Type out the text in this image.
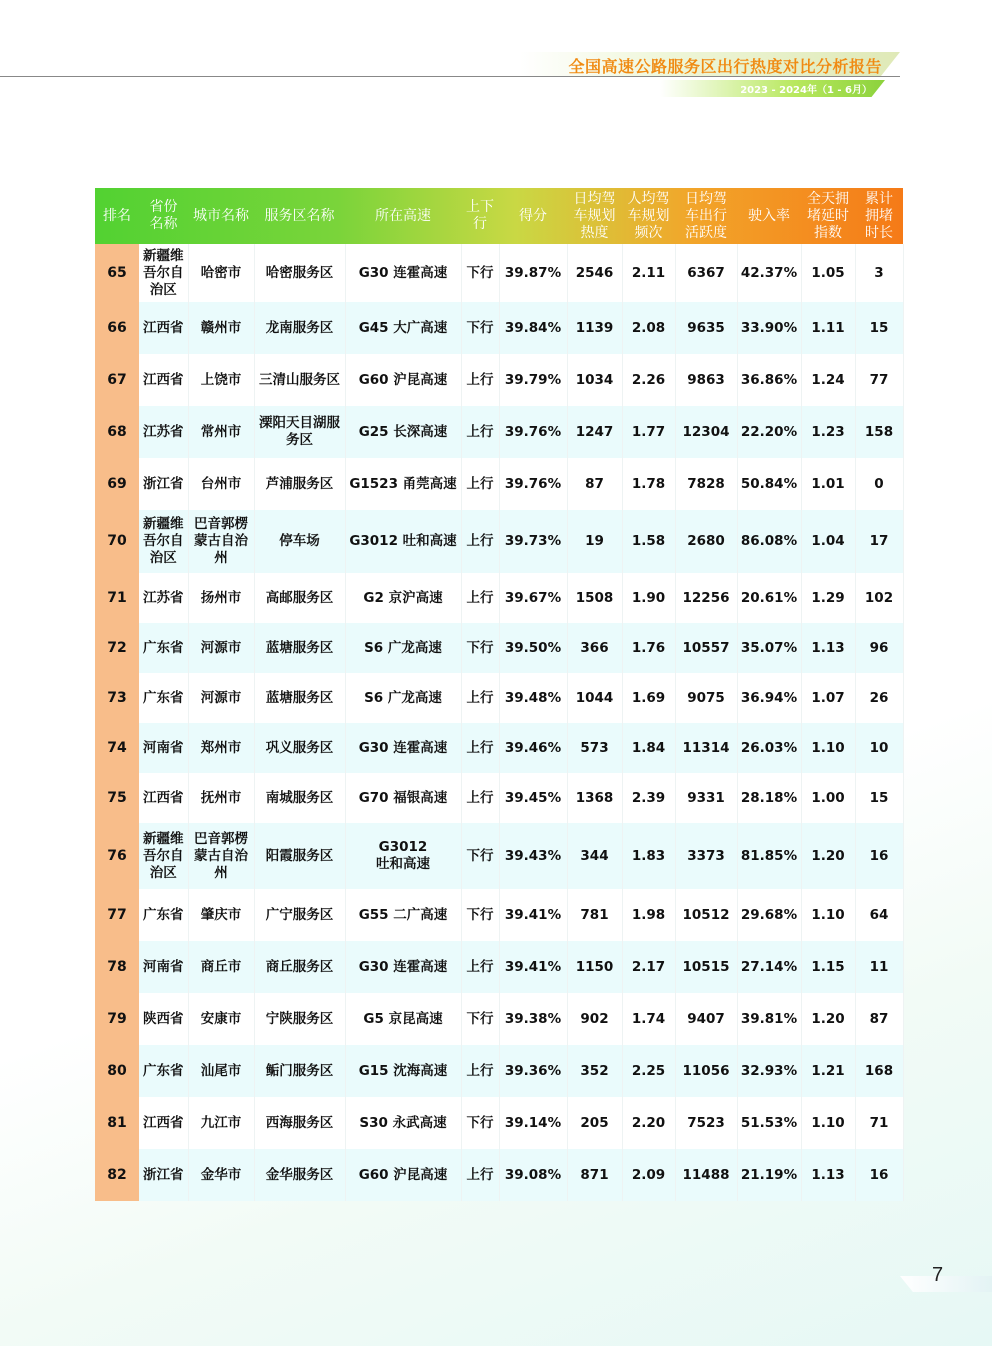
全国高速公路服务区出行热度对比分析报告
2023 - 2024年（1 - 6月）
排名	省份
名称	城市名称	服务区名称	所在高速	上下
行	得分	日均驾
车规划
热度	人均驾
车规划
频次	日均驾
车出行
活跃度	驶入率	全天拥
堵延时
指数	累计
拥堵
时长
65	新疆维
吾尔自
治区	哈密市	哈密服务区	G30 连霍高速	下行	39.87%	2546	2.11	6367	42.37%	1.05	3
66	江西省	赣州市	龙南服务区	G45 大广高速	下行	39.84%	1139	2.08	9635	33.90%	1.11	15
67	江西省	上饶市	三清山服务区	G60 沪昆高速	上行	39.79%	1034	2.26	9863	36.86%	1.24	77
68	江苏省	常州市	溧阳天目湖服
务区	G25 长深高速	上行	39.76%	1247	1.77	12304	22.20%	1.23	158
69	浙江省	台州市	芦浦服务区	G1523 甬莞高速	上行	39.76%	87	1.78	7828	50.84%	1.01	0
70	新疆维
吾尔自
治区	巴音郭楞
蒙古自治
州	停车场	G3012 吐和高速	上行	39.73%	19	1.58	2680	86.08%	1.04	17
71	江苏省	扬州市	高邮服务区	G2 京沪高速	上行	39.67%	1508	1.90	12256	20.61%	1.29	102
72	广东省	河源市	蓝塘服务区	S6 广龙高速	下行	39.50%	366	1.76	10557	35.07%	1.13	96
73	广东省	河源市	蓝塘服务区	S6 广龙高速	上行	39.48%	1044	1.69	9075	36.94%	1.07	26
74	河南省	郑州市	巩义服务区	G30 连霍高速	上行	39.46%	573	1.84	11314	26.03%	1.10	10
75	江西省	抚州市	南城服务区	G70 福银高速	上行	39.45%	1368	2.39	9331	28.18%	1.00	15
76	新疆维
吾尔自
治区	巴音郭楞
蒙古自治
州	阳霞服务区	G3012
吐和高速	下行	39.43%	344	1.83	3373	81.85%	1.20	16
77	广东省	肇庆市	广宁服务区	G55 二广高速	下行	39.41%	781	1.98	10512	29.68%	1.10	64
78	河南省	商丘市	商丘服务区	G30 连霍高速	上行	39.41%	1150	2.17	10515	27.14%	1.15	11
79	陕西省	安康市	宁陕服务区	G5 京昆高速	下行	39.38%	902	1.74	9407	39.81%	1.20	87
80	广东省	汕尾市	鲘门服务区	G15 沈海高速	上行	39.36%	352	2.25	11056	32.93%	1.21	168
81	江西省	九江市	西海服务区	S30 永武高速	下行	39.14%	205	2.20	7523	51.53%	1.10	71
82	浙江省	金华市	金华服务区	G60 沪昆高速	上行	39.08%	871	2.09	11488	21.19%	1.13	16
7
